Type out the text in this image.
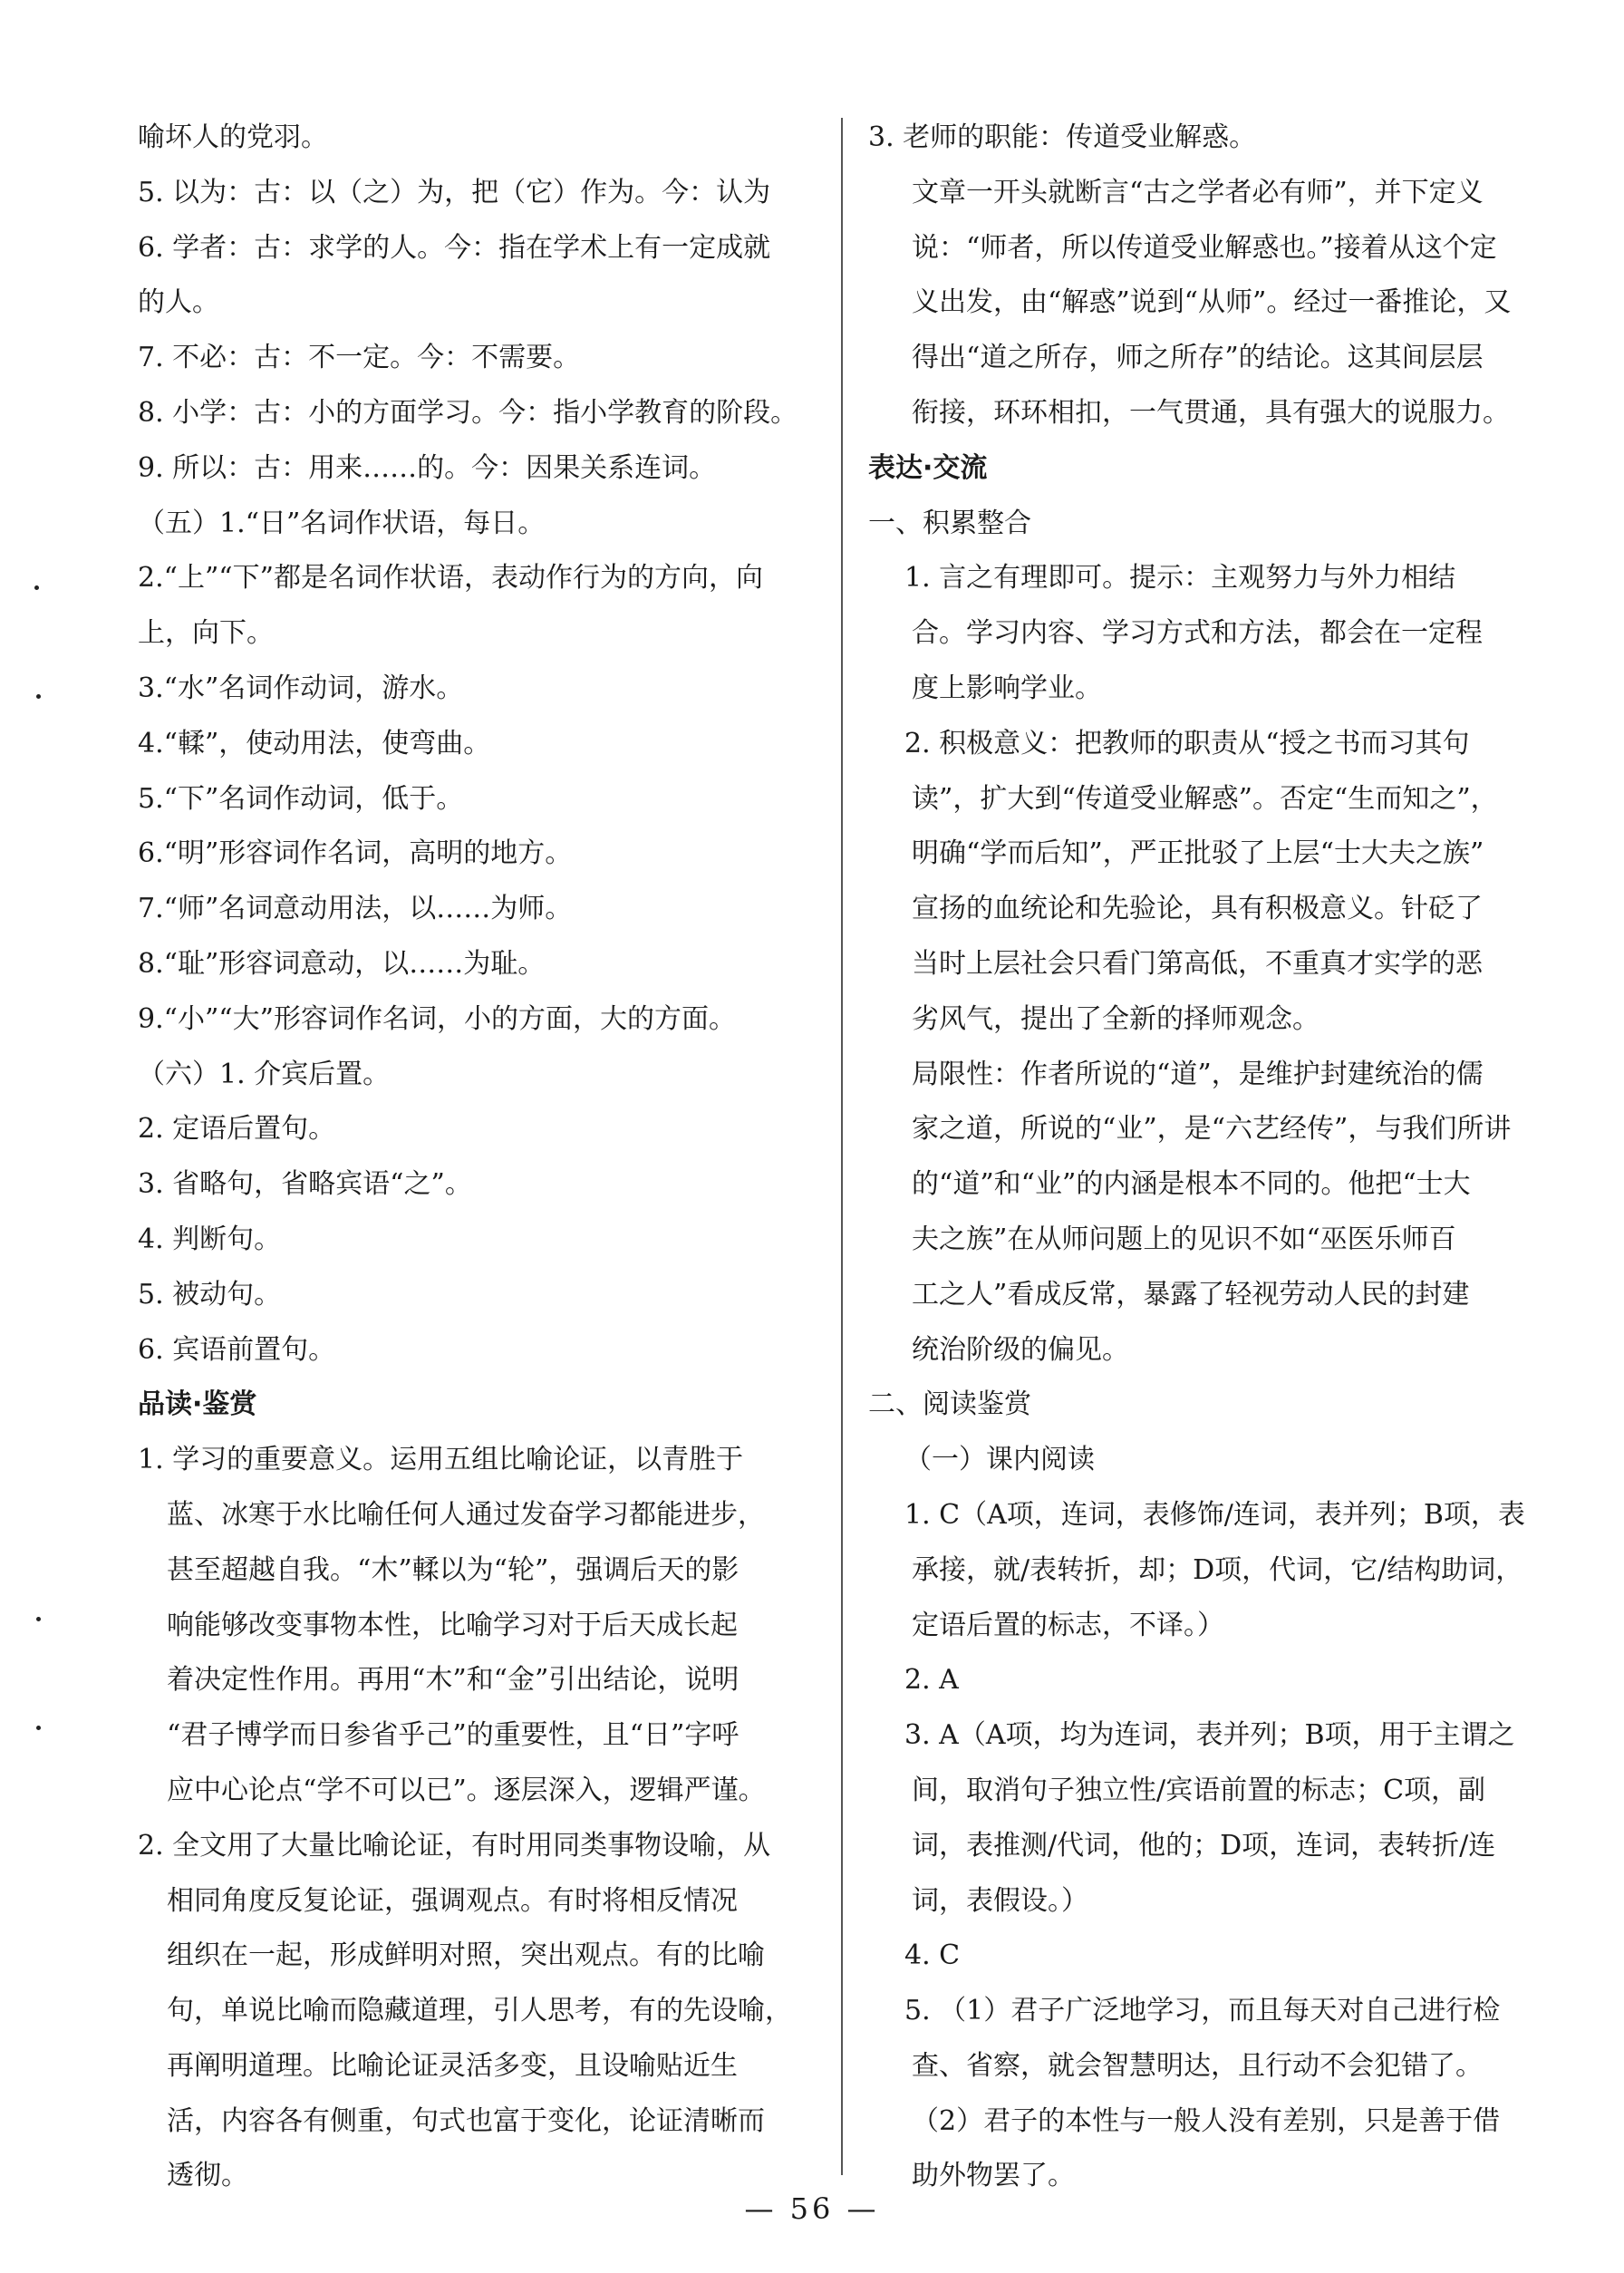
喻坏人的党羽。
5. 以为：古：以（之）为，把（它）作为。今：认为
6. 学者：古：求学的人。今：指在学术上有一定成就
的人。
7. 不必：古：不一定。今：不需要。
8. 小学：古：小的方面学习。今：指小学教育的阶段。
9. 所以：古：用来……的。今：因果关系连词。
（五）1.“日”名词作状语，每日。
2.“上”“下”都是名词作状语，表动作行为的方向，向
上，向下。
3.“水”名词作动词，游水。
4.“輮”，使动用法，使弯曲。
5.“下”名词作动词，低于。
6.“明”形容词作名词，高明的地方。
7.“师”名词意动用法，以……为师。
8.“耻”形容词意动，以……为耻。
9.“小”“大”形容词作名词，小的方面，大的方面。
（六）1. 介宾后置。
2. 定语后置句。
3. 省略句，省略宾语“之”。
4. 判断句。
5. 被动句。
6. 宾语前置句。
品读·鉴赏
1. 学习的重要意义。运用五组比喻论证，以青胜于
蓝、冰寒于水比喻任何人通过发奋学习都能进步，
甚至超越自我。“木”輮以为“轮”，强调后天的影
响能够改变事物本性，比喻学习对于后天成长起
着决定性作用。再用“木”和“金”引出结论，说明
“君子博学而日参省乎己”的重要性，且“日”字呼
应中心论点“学不可以已”。逐层深入，逻辑严谨。
2. 全文用了大量比喻论证，有时用同类事物设喻，从
相同角度反复论证，强调观点。有时将相反情况
组织在一起，形成鲜明对照，突出观点。有的比喻
句，单说比喻而隐藏道理，引人思考，有的先设喻，
再阐明道理。比喻论证灵活多变，且设喻贴近生
活，内容各有侧重，句式也富于变化，论证清晰而
透彻。
3. 老师的职能：传道受业解惑。
文章一开头就断言“古之学者必有师”，并下定义
说：“师者，所以传道受业解惑也。”接着从这个定
义出发，由“解惑”说到“从师”。经过一番推论，又
得出“道之所存，师之所存”的结论。这其间层层
衔接，环环相扣，一气贯通，具有强大的说服力。
表达·交流
一、积累整合
1. 言之有理即可。提示：主观努力与外力相结
合。学习内容、学习方式和方法，都会在一定程
度上影响学业。
2. 积极意义：把教师的职责从“授之书而习其句
读”，扩大到“传道受业解惑”。否定“生而知之”，
明确“学而后知”，严正批驳了上层“士大夫之族”
宣扬的血统论和先验论，具有积极意义。针砭了
当时上层社会只看门第高低，不重真才实学的恶
劣风气，提出了全新的择师观念。
局限性：作者所说的“道”，是维护封建统治的儒
家之道，所说的“业”，是“六艺经传”，与我们所讲
的“道”和“业”的内涵是根本不同的。他把“士大
夫之族”在从师问题上的见识不如“巫医乐师百
工之人”看成反常，暴露了轻视劳动人民的封建
统治阶级的偏见。
二、阅读鉴赏
（一）课内阅读
1. C（A项，连词，表修饰/连词，表并列；B项，表
承接，就/表转折，却；D项，代词，它/结构助词，
定语后置的标志，不译。）
2. A
3. A（A项，均为连词，表并列；B项，用于主谓之
间，取消句子独立性/宾语前置的标志；C项，副
词，表推测/代词，他的；D项，连词，表转折/连
词，表假设。）
4. C
5. （1）君子广泛地学习，而且每天对自己进行检
查、省察，就会智慧明达，且行动不会犯错了。
（2）君子的本性与一般人没有差别，只是善于借
助外物罢了。
— 56 —
